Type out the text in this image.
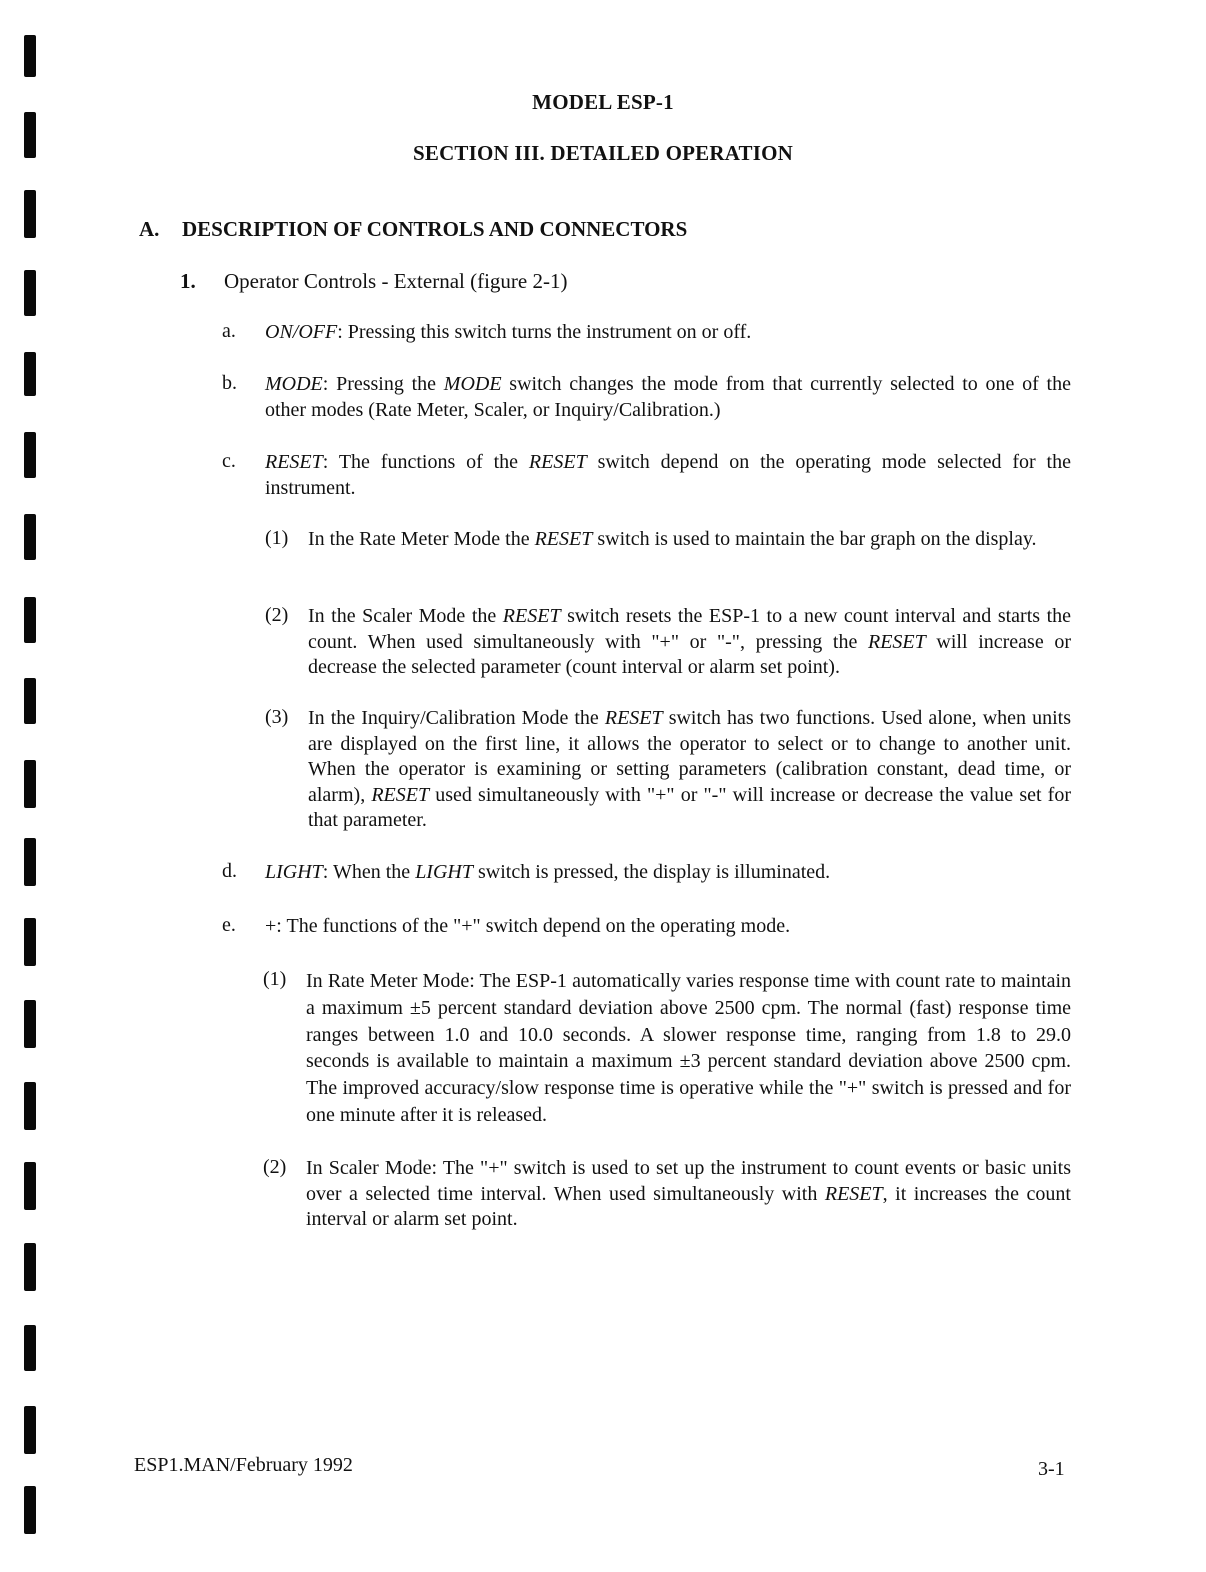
MODEL ESP-1
SECTION III. DETAILED OPERATION
A. DESCRIPTION OF CONTROLS AND CONNECTORS
1. Operator Controls - External (figure 2-1)
a. ON/OFF: Pressing this switch turns the instrument on or off.
b. MODE: Pressing the MODE switch changes the mode from that currently selected to one of the other modes (Rate Meter, Scaler, or Inquiry/Calibration.)
c. RESET: The functions of the RESET switch depend on the operating mode selected for the instrument.
(1) In the Rate Meter Mode the RESET switch is used to maintain the bar graph on the display.
(2) In the Scaler Mode the RESET switch resets the ESP-1 to a new count interval and starts the count. When used simultaneously with "+" or "-", pressing the RESET will increase or decrease the selected parameter (count interval or alarm set point).
(3) In the Inquiry/Calibration Mode the RESET switch has two functions. Used alone, when units are displayed on the first line, it allows the operator to select or to change to another unit. When the operator is examining or setting parameters (calibration constant, dead time, or alarm), RESET used simultaneously with "+" or "-" will increase or decrease the value set for that parameter.
d. LIGHT: When the LIGHT switch is pressed, the display is illuminated.
e. +: The functions of the "+" switch depend on the operating mode.
(1) In Rate Meter Mode: The ESP-1 automatically varies response time with count rate to maintain a maximum ±5 percent standard deviation above 2500 cpm. The normal (fast) response time ranges between 1.0 and 10.0 seconds. A slower response time, ranging from 1.8 to 29.0 seconds is available to maintain a maximum ±3 percent standard deviation above 2500 cpm. The improved accuracy/slow response time is operative while the "+" switch is pressed and for one minute after it is released.
(2) In Scaler Mode: The "+" switch is used to set up the instrument to count events or basic units over a selected time interval. When used simultaneously with RESET, it increases the count interval or alarm set point.
ESP1.MAN/February 1992	3-1
